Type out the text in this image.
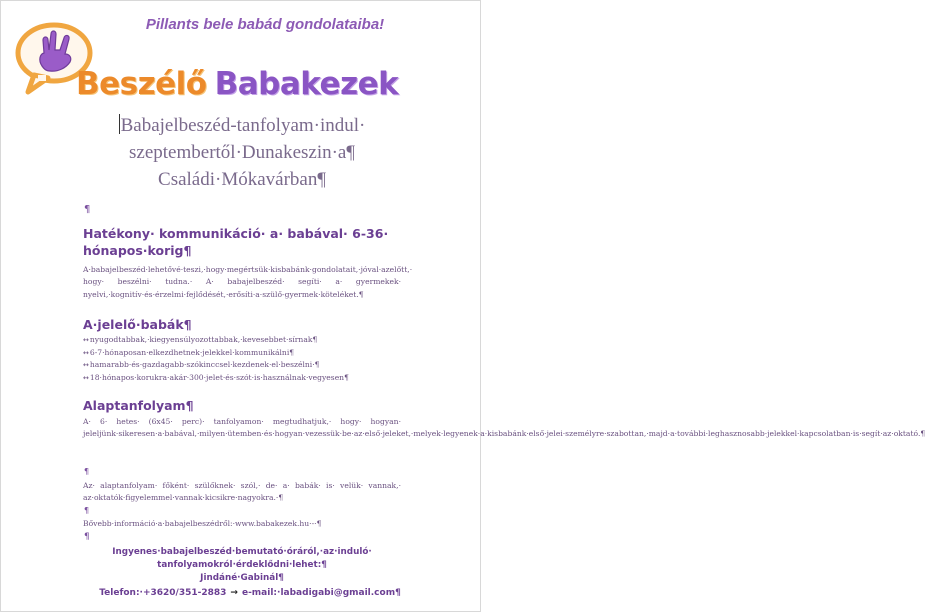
Pillants bele babád gondolataiba!
Beszélő Babakezek
Babajelbeszéd-tanfolyam·indul·
szeptembertől·Dunakeszin·a¶
Családi·Mókavárban¶
¶
Hatékony· kommunikáció· a· babával· 6-36·
hónapos·korig¶
A·babajelbeszéd·lehetővé·teszi,·hogy·megértsük·kisbabánk·gondolatait,·jóval·azelőtt,· hogy· beszélni· tudna.· A· babajelbeszéd· segíti· a· gyermekek· nyelvi,·kognitív·és·érzelmi·fejlődését,·erősíti·a·szülő-gyermek·köteléket.¶
A·jelelő·babák¶
↔nyugodtabbak,·kiegyensúlyozottabbak,·kevesebbet·sírnak¶
↔6-7·hónaposan·elkezdhetnek·jelekkel·kommunikálni¶
↔hamarabb·és·gazdagabb·szókinccsel·kezdenek·el·beszélni·¶
↔18·hónapos·korukra·akár·300·jelet·és·szót·is·használnak·vegyesen¶
Alaptanfolyam¶
A· 6· hetes· (6x45· perc)· tanfolyamon· megtudhatjuk,· hogy· hogyan· jeleljünk·sikeresen·a·babával,·milyen·ütemben·és·hogyan·vezessük·be·az·első·jeleket,·melyek·legyenek·a·kisbabánk·első·jelei·személyre·szabottan,·majd·a·további·leghasznosabb·jelekkel·kapcsolatban·is·segít·az·oktató.¶
¶
Az· alaptanfolyam· főként· szülőknek· szól,· de· a· babák· is· velük· vannak,· az·oktatók·figyelemmel·vannak·kicsikre·nagyokra.·¶
¶
Bővebb·információ·a·babajelbeszédről:·www.babakezek.hu·-·¶
¶
Ingyenes·babajelbeszéd·bemutató·óráról,·az·induló·
tanfolyamokról·érdeklődni·lehet:¶
Jindáné·Gabinál¶
Telefon:·+3620/351-2883 → e-mail:·labadigabi@gmail.com¶
